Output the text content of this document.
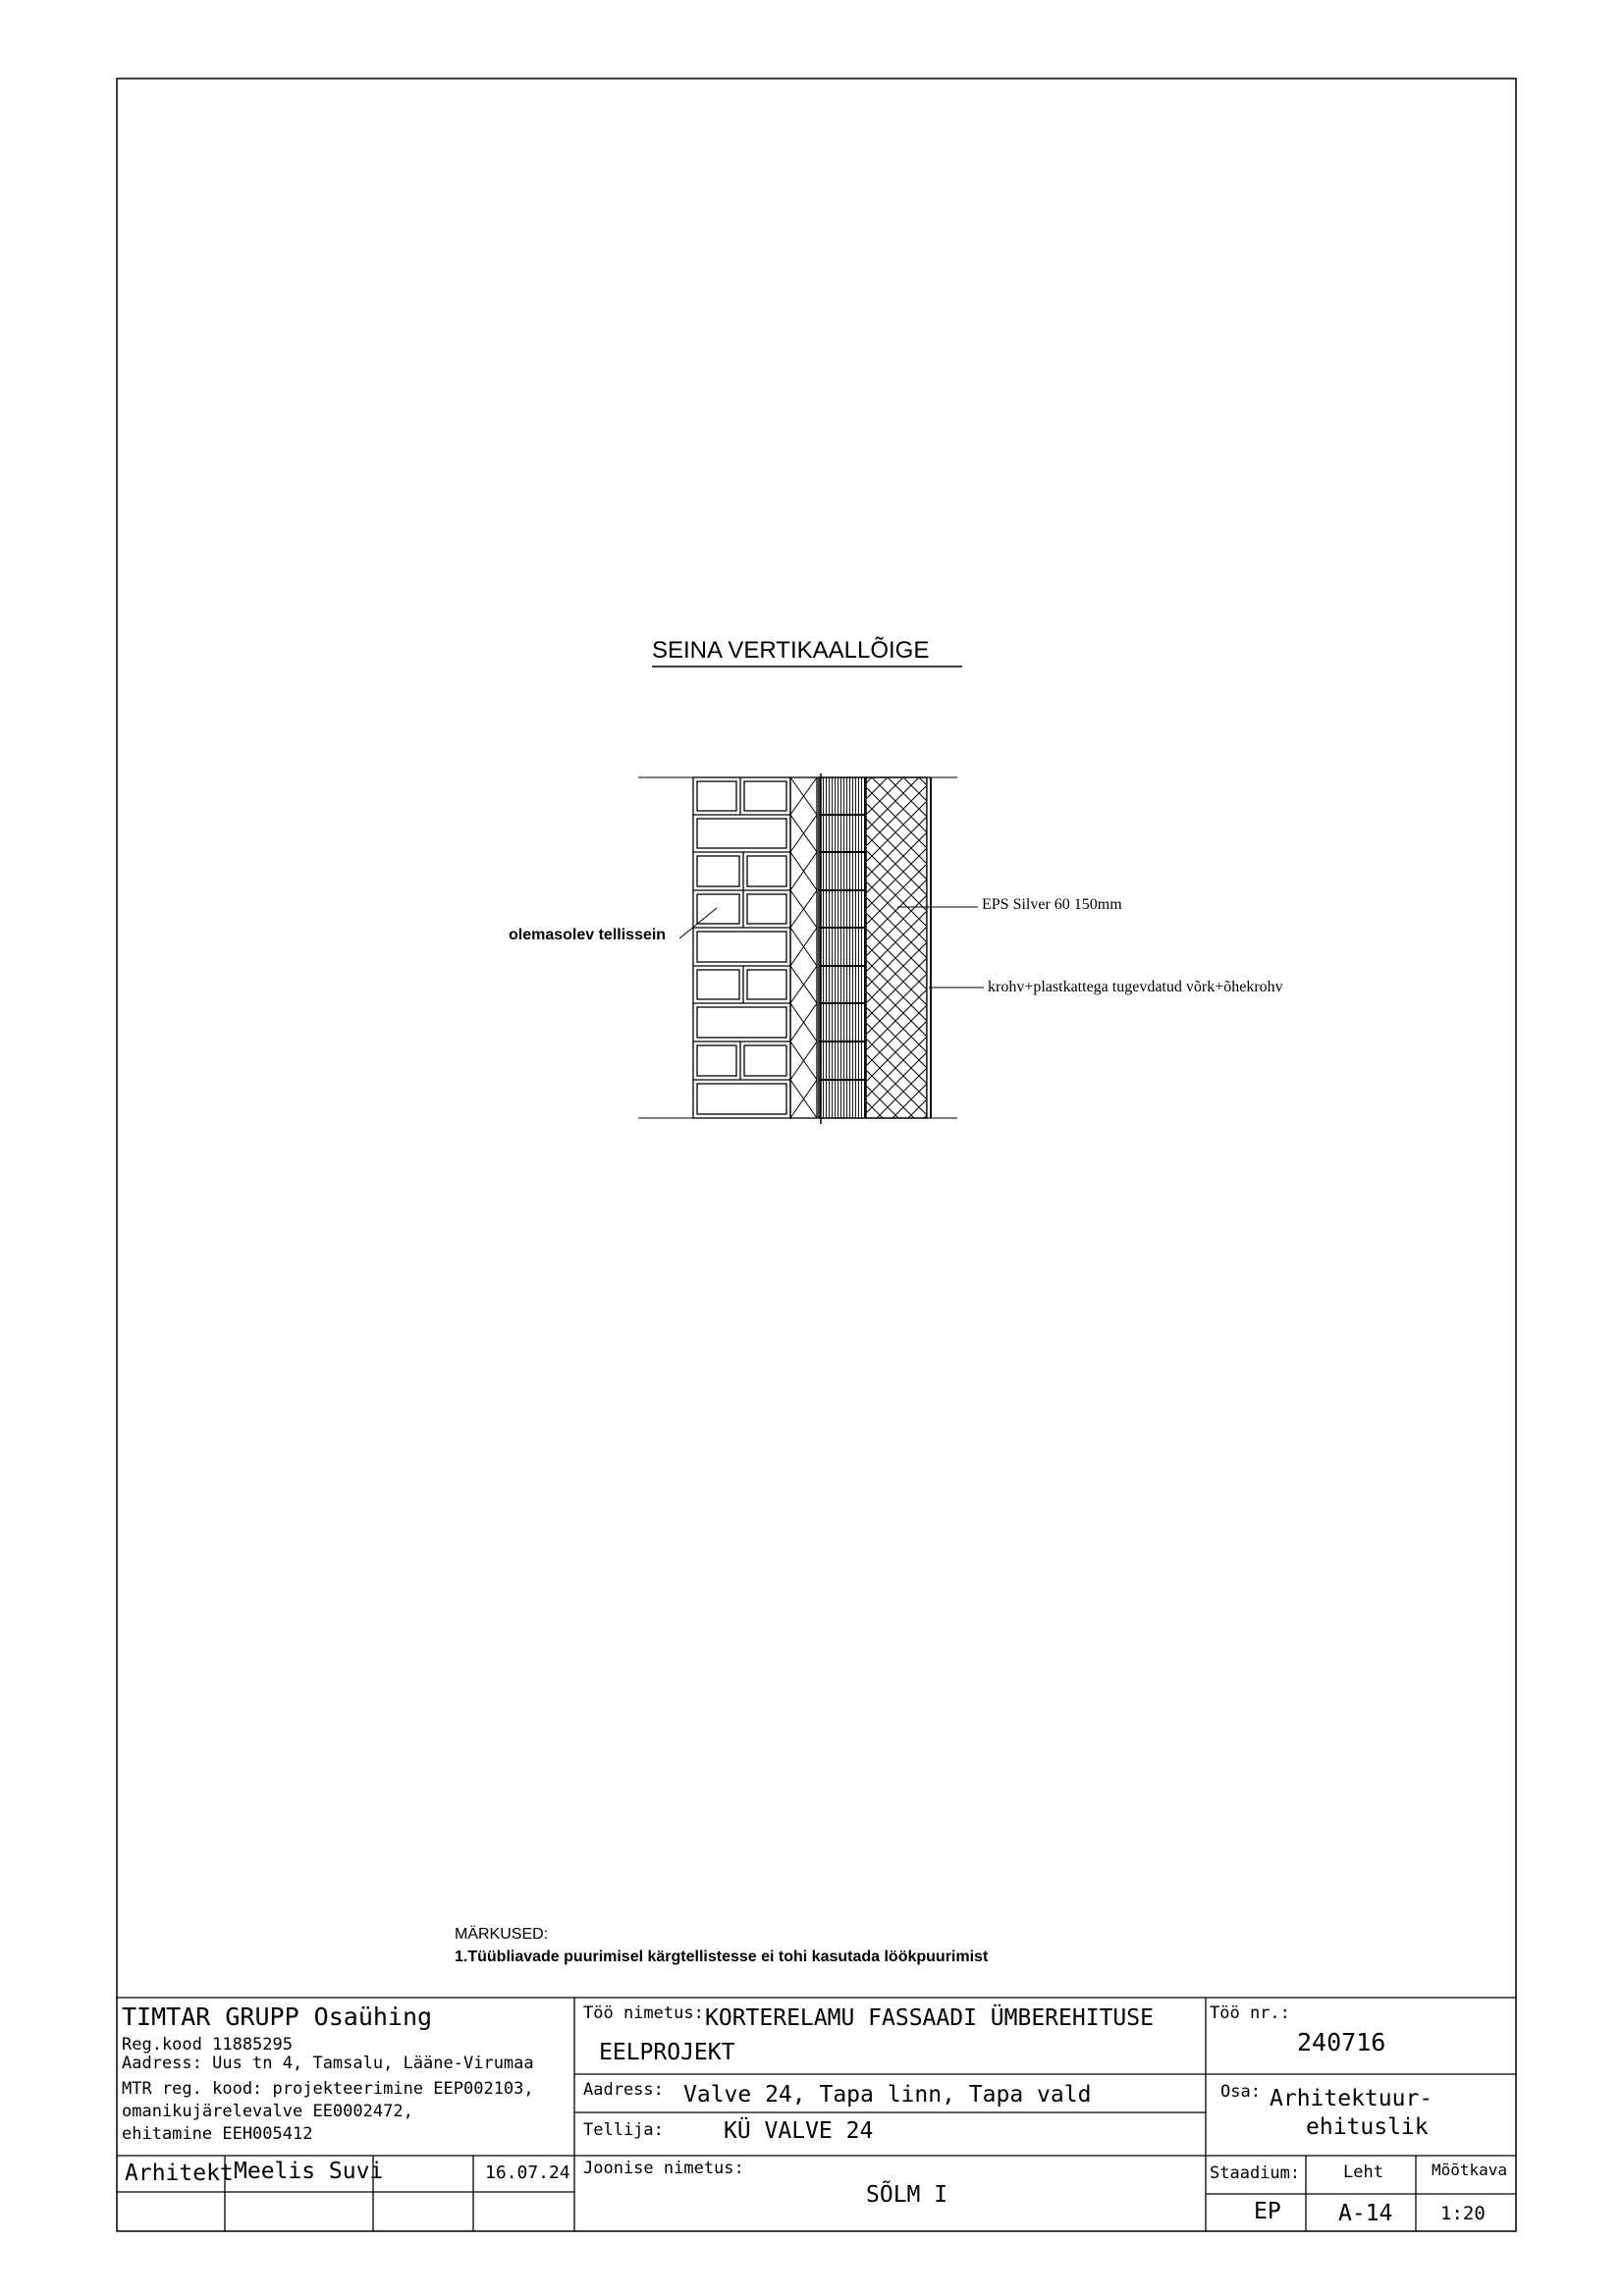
SEINA VERTIKAALLÕIGE
olemasolev tellissein
EPS Silver 60 150mm
krohv+plastkattega tugevdatud võrk+õhekrohv
MÄRKUSED:
1.Tüübliavade puurimisel kärgtellistesse ei tohi kasutada löökpuurimist
TIMTAR GRUPP Osaühing
Reg.kood 11885295
Aadress: Uus tn 4, Tamsalu, Lääne-Virumaa
MTR reg. kood: projekteerimine EEP002103,
omanikujärelevalve EE0002472,
ehitamine EEH005412
Töö nimetus: KORTERELAMU FASSAADI ÜMBEREHITUSE
EELPROJEKT
Töö nr.:
240716
Aadress: Valve 24, Tapa linn, Tapa vald
Tellija:	KÜ VALVE 24
Osa: Arhitektuur-
ehituslik
Arhitekt Meelis Suvi	16.07.24 Joonise nimetus:
SÕLM I
Staadium:
EP
Leht
A-14
Mõõtkava
1:20
